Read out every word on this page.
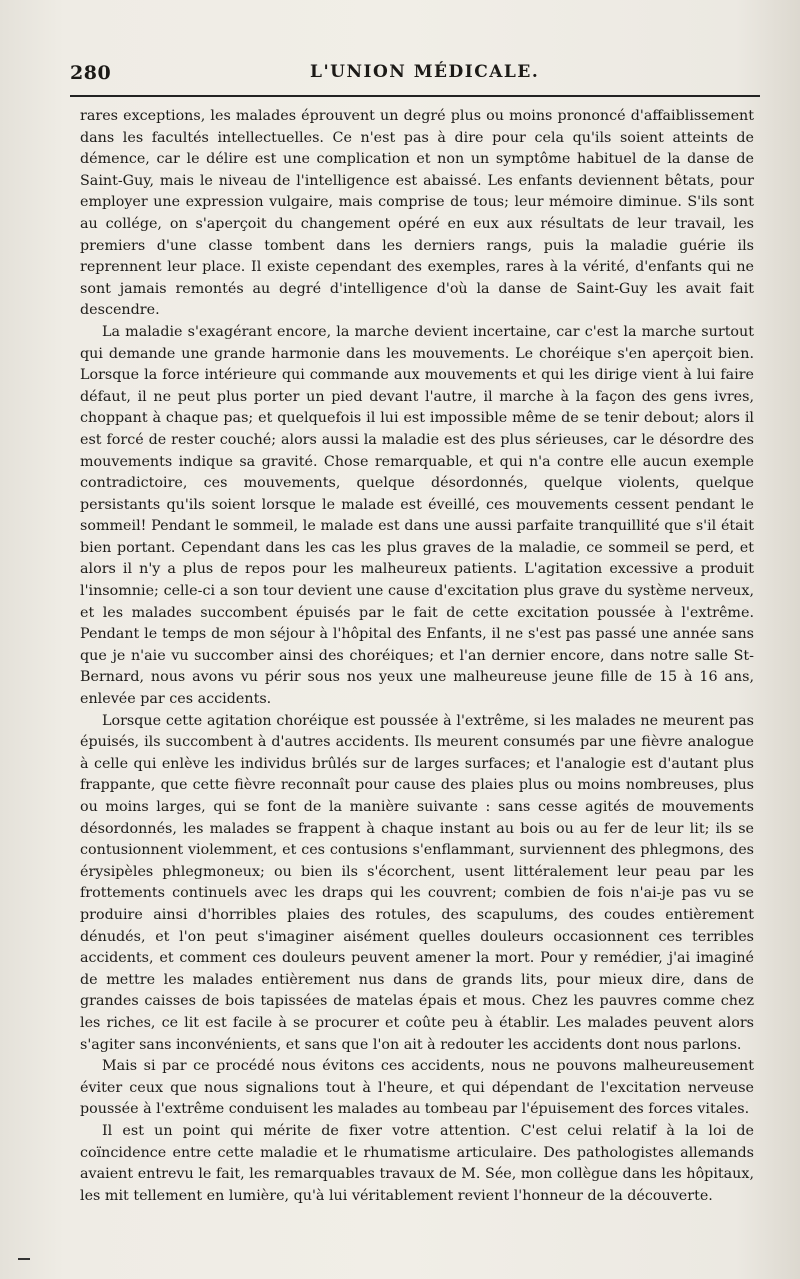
280	L'UNION MÉDICALE.

rares exceptions, les malades éprouvent un degré plus ou moins prononcé d'affaiblissement dans les facultés intellectuelles. Ce n'est pas à dire pour cela qu'ils soient atteints de démence, car le délire est une complication et non un symptôme habituel de la danse de Saint-Guy, mais le niveau de l'intelligence est abaissé. Les enfants deviennent bêtats, pour employer une expression vulgaire, mais comprise de tous; leur mémoire diminue. S'ils sont au collége, on s'aperçoit du changement opéré en eux aux résultats de leur travail, les premiers d'une classe tombent dans les derniers rangs, puis la maladie guérie ils reprennent leur place. Il existe cependant des exemples, rares à la vérité, d'enfants qui ne sont jamais remontés au degré d'intelligence d'où la danse de Saint-Guy les avait fait descendre.

La maladie s'exagérant encore, la marche devient incertaine, car c'est la marche surtout qui demande une grande harmonie dans les mouvements. Le choréique s'en aperçoit bien. Lorsque la force intérieure qui commande aux mouvements et qui les dirige vient à lui faire défaut, il ne peut plus porter un pied devant l'autre, il marche à la façon des gens ivres, choppant à chaque pas; et quelquefois il lui est impossible même de se tenir debout; alors il est forcé de rester couché; alors aussi la maladie est des plus sérieuses, car le désordre des mouvements indique sa gravité. Chose remarquable, et qui n'a contre elle aucun exemple contradictoire, ces mouvements, quelque désordonnés, quelque violents, quelque persistants qu'ils soient lorsque le malade est éveillé, ces mouvements cessent pendant le sommeil! Pendant le sommeil, le malade est dans une aussi parfaite tranquillité que s'il était bien portant. Cependant dans les cas les plus graves de la maladie, ce sommeil se perd, et alors il n'y a plus de repos pour les malheureux patients. L'agitation excessive a produit l'insomnie; celle-ci a son tour devient une cause d'excitation plus grave du système nerveux, et les malades succombent épuisés par le fait de cette excitation poussée à l'extrême. Pendant le temps de mon séjour à l'hôpital des Enfants, il ne s'est pas passé une année sans que je n'aie vu succomber ainsi des choréiques; et l'an dernier encore, dans notre salle St-Bernard, nous avons vu périr sous nos yeux une malheureuse jeune fille de 15 à 16 ans, enlevée par ces accidents.

Lorsque cette agitation choréique est poussée à l'extrême, si les malades ne meurent pas épuisés, ils succombent à d'autres accidents. Ils meurent consumés par une fièvre analogue à celle qui enlève les individus brûlés sur de larges surfaces; et l'analogie est d'autant plus frappante, que cette fièvre reconnaît pour cause des plaies plus ou moins nombreuses, plus ou moins larges, qui se font de la manière suivante : sans cesse agités de mouvements désordonnés, les malades se frappent à chaque instant au bois ou au fer de leur lit; ils se contusionnent violemment, et ces contusions s'enflammant, surviennent des phlegmons, des érysipèles phlegmoneux; ou bien ils s'écorchent, usent littéralement leur peau par les frottements continuels avec les draps qui les couvrent; combien de fois n'ai-je pas vu se produire ainsi d'horribles plaies des rotules, des scapulums, des coudes entièrement dénudés, et l'on peut s'imaginer aisément quelles douleurs occasionnent ces terribles accidents, et comment ces douleurs peuvent amener la mort. Pour y remédier, j'ai imaginé de mettre les malades entièrement nus dans de grands lits, pour mieux dire, dans de grandes caisses de bois tapissées de matelas épais et mous. Chez les pauvres comme chez les riches, ce lit est facile à se procurer et coûte peu à établir. Les malades peuvent alors s'agiter sans inconvénients, et sans que l'on ait à redouter les accidents dont nous parlons.

Mais si par ce procédé nous évitons ces accidents, nous ne pouvons malheureusement éviter ceux que nous signalions tout à l'heure, et qui dépendant de l'excitation nerveuse poussée à l'extrême conduisent les malades au tombeau par l'épuisement des forces vitales.

Il est un point qui mérite de fixer votre attention. C'est celui relatif à la loi de coïncidence entre cette maladie et le rhumatisme articulaire. Des pathologistes allemands avaient entrevu le fait, les remarquables travaux de M. Sée, mon collègue dans les hôpitaux, les mit tellement en lumière, qu'à lui véritablement revient l'honneur de la découverte.
